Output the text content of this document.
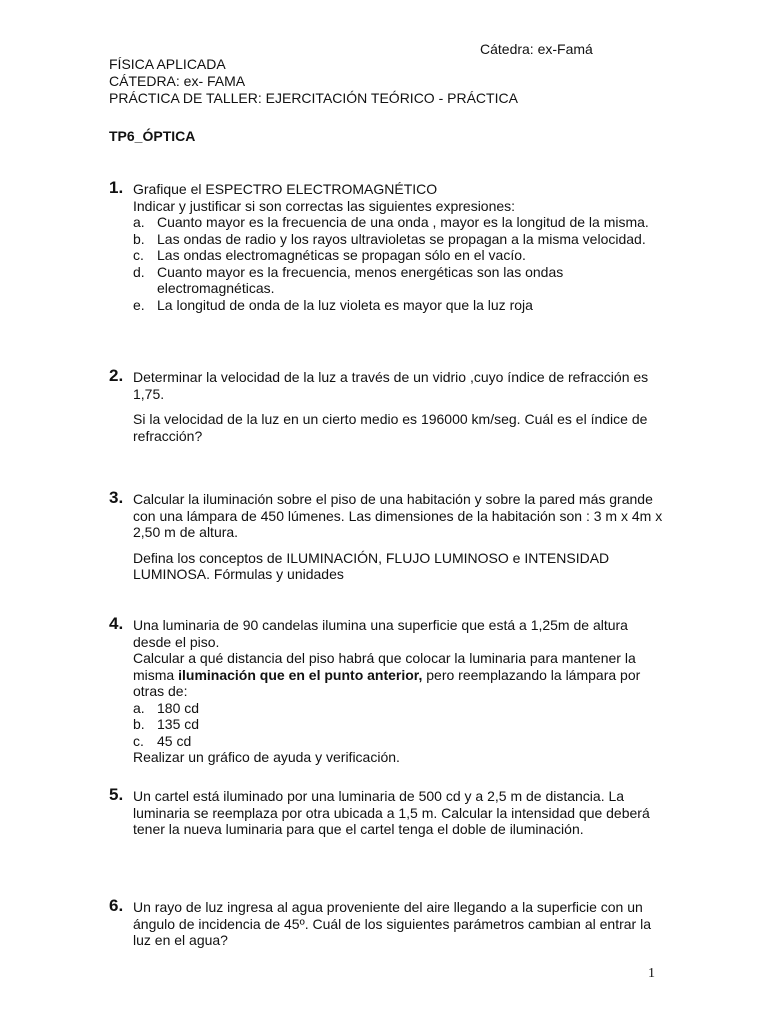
Cátedra: ex-Famá
FÍSICA APLICADA
CÁTEDRA: ex- FAMA
PRÁCTICA DE TALLER: EJERCITACIÓN TEÓRICO - PRÁCTICA
TP6_ÓPTICA
1. Grafique el ESPECTRO ELECTROMAGNÉTICO

Indicar y justificar si son correctas las siguientes expresiones:

a. Cuanto mayor es la frecuencia de una onda , mayor es la longitud de la misma.
b. Las ondas de radio y los rayos ultravioletas se propagan a la misma velocidad.
c. Las ondas electromagnéticas se propagan sólo en el vacío.
d. Cuanto mayor es la frecuencia, menos energéticas son las ondas electromagnéticas.
e. La longitud de onda de la luz violeta es mayor que la luz roja
2. Determinar la velocidad de la luz a través de un vidrio ,cuyo índice de refracción es 1,75.

Si la velocidad de la luz en un cierto medio es 196000 km/seg. Cuál es el índice de refracción?

3. Calcular la iluminación sobre el piso de una habitación y sobre la pared más grande con una lámpara de 450 lúmenes. Las dimensiones de la habitación son : 3 m x 4m x 2,50 m de altura.

Defina los conceptos de ILUMINACIÓN, FLUJO LUMINOSO e INTENSIDAD LUMINOSA. Fórmulas y unidades

4. Una luminaria de 90 candelas ilumina una superficie que está a 1,25m de altura desde el piso.

Calcular a qué distancia del piso habrá que colocar la luminaria para mantener la misma iluminación que en el punto anterior, pero reemplazando la lámpara por otras de:

a. 180 cd
b. 135 cd
c. 45 cd

Realizar un gráfico de ayuda y verificación.

5. Un cartel está iluminado por una luminaria de 500 cd y a 2,5 m de distancia. La luminaria se reemplaza por otra ubicada a 1,5 m. Calcular la intensidad que deberá tener la nueva luminaria para que el cartel tenga el doble de iluminación.

6. Un rayo de luz ingresa al agua proveniente del aire llegando a la superficie con un ángulo de incidencia de 45º. Cuál de los siguientes parámetros cambian al entrar la luz en el agua?

1
